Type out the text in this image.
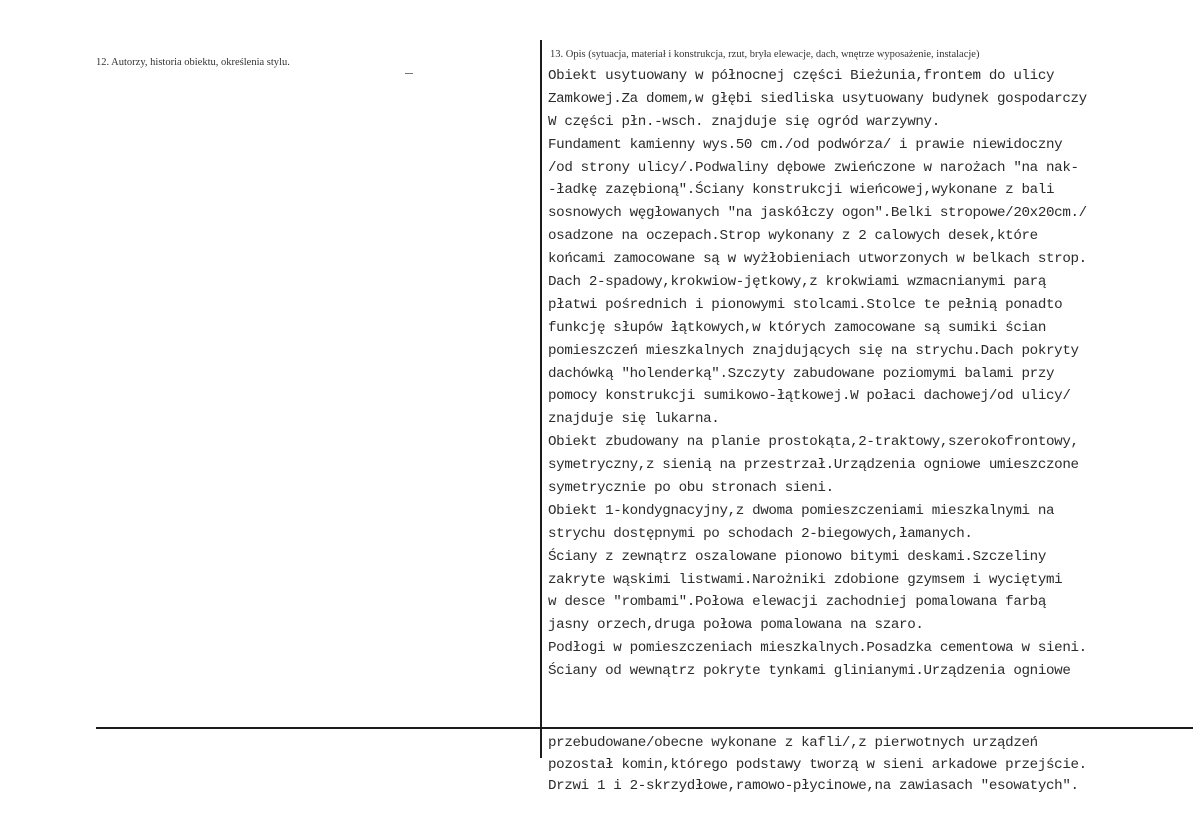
12. Autorzy, historia obiektu, określenia stylu.
13. Opis (sytuacja, materiał i konstrukcja, rzut, bryła elewacje, dach, wnętrze wyposażenie, instalacje)
Obiekt usytuowany w północnej części Bieżunia,frontem do ulicy
Zamkowej.Za domem,w głębi siedliska usytuowany budynek gospodarczy
W części płn.-wsch. znajduje się ogród warzywny.
Fundament kamienny wys.50 cm./od podwórza/ i prawie niewidoczny
/od strony ulicy/.Podwaliny dębowe zwieńczone w narożach "na nak-
-ładkę zazębioną".Ściany konstrukcji wieńcowej,wykonane z bali
sosnowych węgłowanych "na jaskółczy ogon".Belki stropowe/20x20cm./
osadzone na oczepach.Strop wykonany z 2 calowych desek,które
końcami zamocowane są w wyżłobieniach utworzonych w belkach strop.
Dach 2-spadowy,krokwiow-jętkowy,z krokwiami wzmacnianymi parą
płatwi pośrednich i pionowymi stolcami.Stolce te pełnią ponadto
funkcję słupów łątkowych,w których zamocowane są sumiki ścian
pomieszczeń mieszkalnych znajdujących się na strychu.Dach pokryty
dachówką "holenderką".Szczyty zabudowane poziomymi balami przy
pomocy konstrukcji sumikowo-łątkowej.W połaci dachowej/od ulicy/
znajduje się lukarna.
Obiekt zbudowany na planie prostokąta,2-traktowy,szerokofrontowy,
symetryczny,z sienią na przestrzał.Urządzenia ogniowe umieszczone
symetrycznie po obu stronach sieni.
Obiekt 1-kondygnacyjny,z dwoma pomieszczeniami mieszkalnymi na
strychu dostępnymi po schodach 2-biegowych,łamanych.
Ściany z zewnątrz oszalowane pionowo bitymi deskami.Szczeliny
zakryte wąskimi listwami.Narożniki zdobione gzymsem i wyciętymi
w desce "rombami".Połowa elewacji zachodniej pomalowana farbą
jasny orzech,druga połowa pomalowana na szaro.
Podłogi w pomieszczeniach mieszkalnych.Posadzka cementowa w sieni.
Ściany od wewnątrz pokryte tynkami glinianymi.Urządzenia ogniowe
przebudowane/obecne wykonane z kafli/,z pierwotnych urządzeń
pozostał komin,którego podstawy tworzą w sieni arkadowe przejście.
Drzwi 1 i 2-skrzydłowe,ramowo-płycinowe,na zawiasach "esowatych".
